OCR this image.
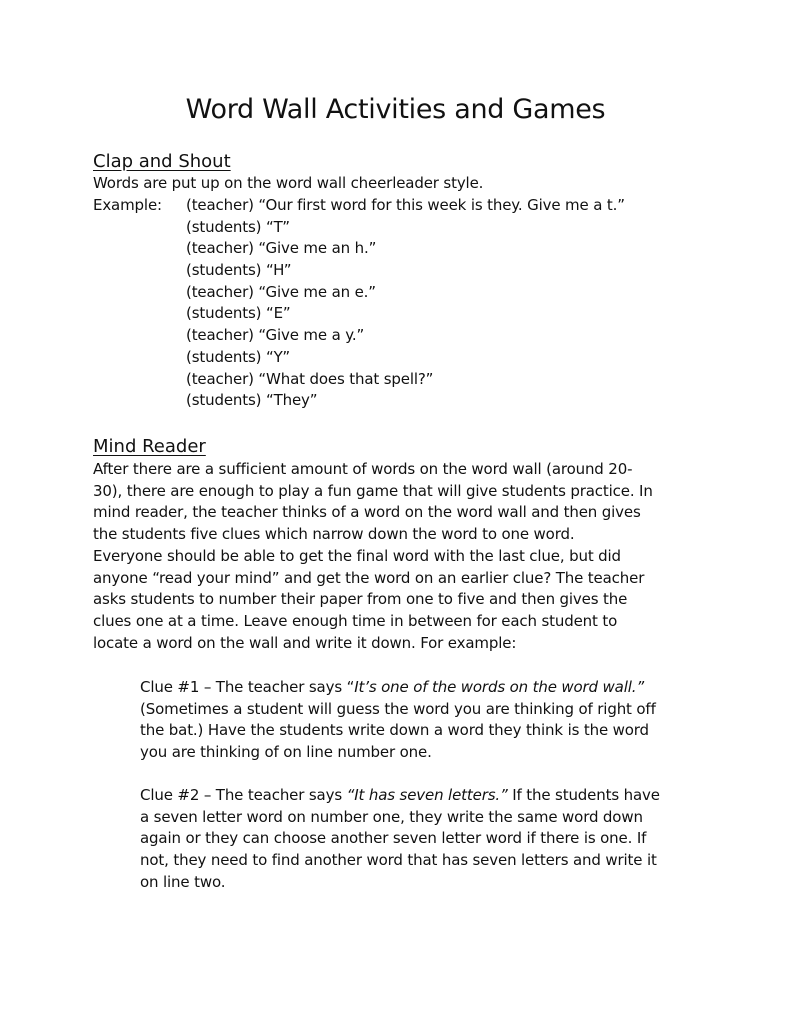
Word Wall Activities and Games
Clap and Shout
Words are put up on the word wall cheerleader style.
Example: (teacher) “Our first word for this week is they. Give me a t.”
(students) “T”
(teacher) “Give me an h.”
(students) “H”
(teacher) “Give me an e.”
(students) “E”
(teacher) “Give me a y.”
(students) “Y”
(teacher) “What does that spell?”
(students) “They”
Mind Reader
After there are a sufficient amount of words on the word wall (around 20-
30), there are enough to play a fun game that will give students practice. In
mind reader, the teacher thinks of a word on the word wall and then gives
the students five clues which narrow down the word to one word.
Everyone should be able to get the final word with the last clue, but did
anyone “read your mind” and get the word on an earlier clue? The teacher
asks students to number their paper from one to five and then gives the
clues one at a time. Leave enough time in between for each student to
locate a word on the wall and write it down. For example:
Clue #1 – The teacher says “It’s one of the words on the word wall.”
(Sometimes a student will guess the word you are thinking of right off
the bat.) Have the students write down a word they think is the word
you are thinking of on line number one.
Clue #2 – The teacher says “It has seven letters.” If the students have
a seven letter word on number one, they write the same word down
again or they can choose another seven letter word if there is one. If
not, they need to find another word that has seven letters and write it
on line two.
